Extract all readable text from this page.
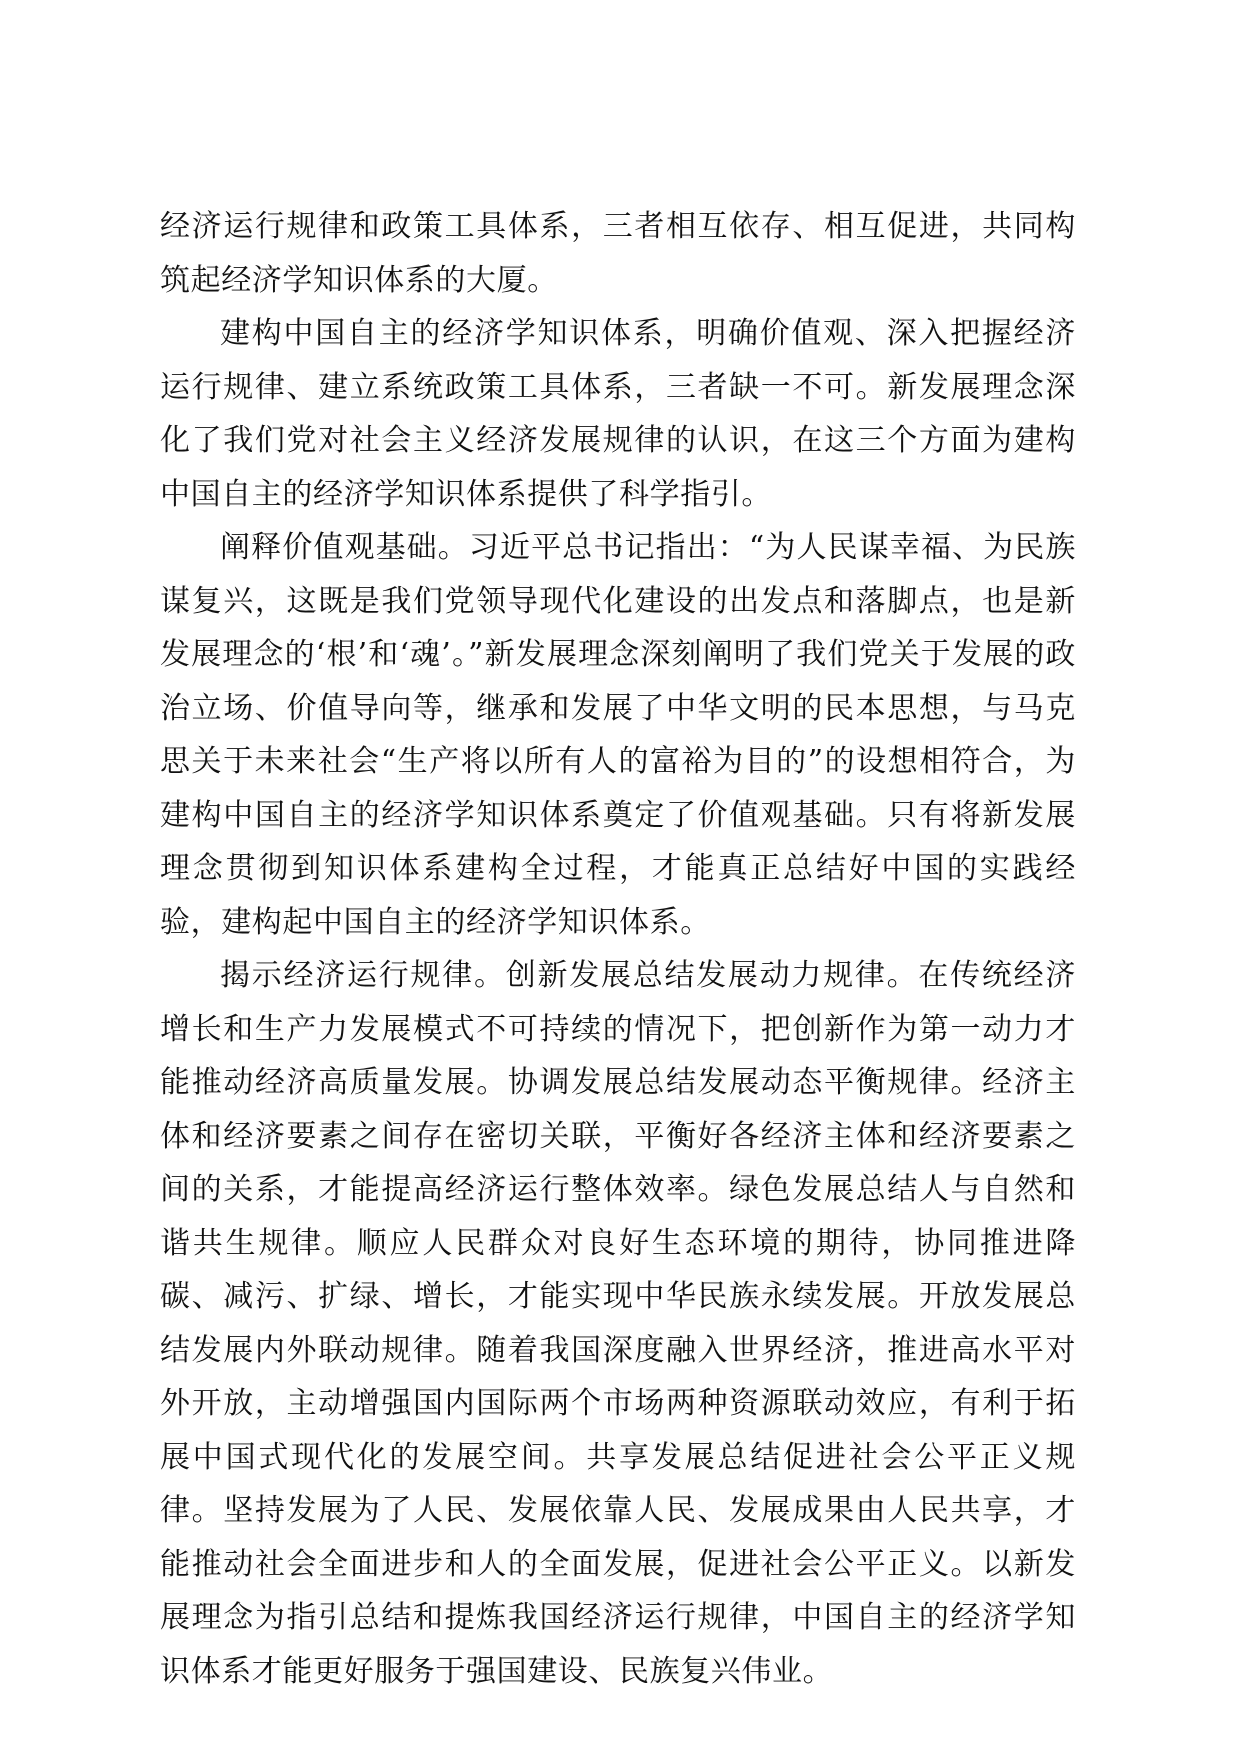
经济运行规律和政策工具体系，三者相互依存、相互促进，共同构筑起经济学知识体系的大厦。

建构中国自主的经济学知识体系，明确价值观、深入把握经济运行规律、建立系统政策工具体系，三者缺一不可。新发展理念深化了我们党对社会主义经济发展规律的认识，在这三个方面为建构中国自主的经济学知识体系提供了科学指引。

阐释价值观基础。习近平总书记指出：“为人民谋幸福、为民族谋复兴，这既是我们党领导现代化建设的出发点和落脚点，也是新发展理念的‘根’和‘魂’。”新发展理念深刻阐明了我们党关于发展的政治立场、价值导向等，继承和发展了中华文明的民本思想，与马克思关于未来社会“生产将以所有人的富裕为目的”的设想相符合，为建构中国自主的经济学知识体系奠定了价值观基础。只有将新发展理念贯彻到知识体系建构全过程，才能真正总结好中国的实践经验，建构起中国自主的经济学知识体系。

揭示经济运行规律。创新发展总结发展动力规律。在传统经济增长和生产力发展模式不可持续的情况下，把创新作为第一动力才能推动经济高质量发展。协调发展总结发展动态平衡规律。经济主体和经济要素之间存在密切关联，平衡好各经济主体和经济要素之间的关系，才能提高经济运行整体效率。绿色发展总结人与自然和谐共生规律。顺应人民群众对良好生态环境的期待，协同推进降碳、减污、扩绿、增长，才能实现中华民族永续发展。开放发展总结发展内外联动规律。随着我国深度融入世界经济，推进高水平对外开放，主动增强国内国际两个市场两种资源联动效应，有利于拓展中国式现代化的发展空间。共享发展总结促进社会公平正义规律。坚持发展为了人民、发展依靠人民、发展成果由人民共享，才能推动社会全面进步和人的全面发展，促进社会公平正义。以新发展理念为指引总结和提炼我国经济运行规律，中国自主的经济学知识体系才能更好服务于强国建设、民族复兴伟业。
